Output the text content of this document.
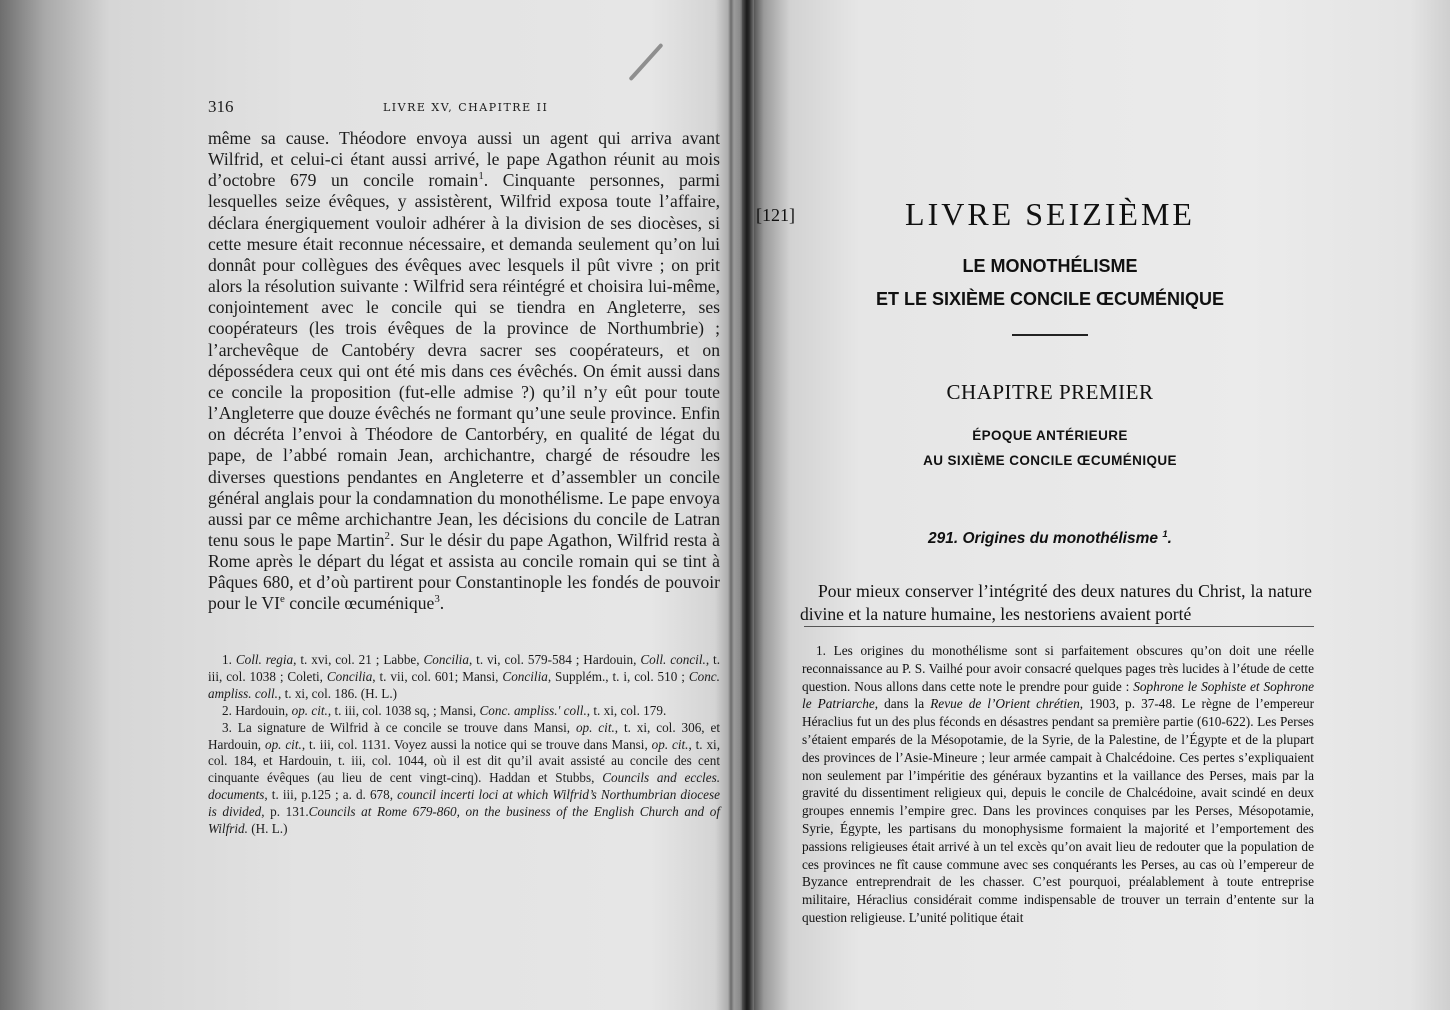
316	LIVRE XV, CHAPITRE II

même sa cause. Théodore envoya aussi un agent qui arriva avant Wilfrid, et celui-ci étant aussi arrivé, le pape Agathon réunit au mois d’octobre 679 un concile romain$^1$. Cinquante personnes, parmi lesquelles seize évêques, y assistèrent, Wilfrid exposa toute l’affaire, déclara énergiquement vouloir adhérer à la division de ses diocèses, si cette mesure était reconnue nécessaire, et demanda seulement qu’on lui donnât pour collègues des évêques avec lesquels il pût vivre ; on prit alors la résolution suivante : Wilfrid sera réintégré et choisira lui-même, conjointement avec le concile qui se tiendra en Angleterre, ses coopérateurs (les trois évêques de la province de Northumbrie) ; l’archevêque de Cantobéry devra sacrer ses coopérateurs, et on dépossédera ceux qui ont été mis dans ces évêchés. On émit aussi dans ce concile la proposition (fut-elle admise ?) qu’il n’y eût pour toute l’Angleterre que douze évêchés ne formant qu’une seule province. Enfin on décréta l’envoi à Théodore de Cantorbéry, en qualité de légat du pape, de l’abbé romain Jean, archichantre, chargé de résoudre les diverses questions pendantes en Angleterre et d’assembler un concile général anglais pour la condamnation du monothélisme. Le pape envoya aussi par ce même archichantre Jean, les décisions du concile de Latran tenu sous le pape Martin$^2$. Sur le désir du pape Agathon, Wilfrid resta à Rome après le départ du légat et assista au concile romain qui se tint à Pâques 680, et d’où partirent pour Constantinople les fondés de pouvoir pour le VIe concile œcuménique$^3$.

1. Coll. regia, t. xvi, col. 21 ; Labbe, Concilia, t. vi, col. 579-584 ; Hardouin, Coll. concil., t. iii, col. 1038 ; Coleti, Concilia, t. vii, col. 601; Mansi, Concilia, Supplém., t. i, col. 510 ; Conc. ampliss. coll., t. xi, col. 186. (H. L.)

2. Hardouin, op. cit., t. iii, col. 1038 sq, ; Mansi, Conc. ampliss.' coll., t. xi, col. 179.

3. La signature de Wilfrid à ce concile se trouve dans Mansi, op. cit., t. xi, col. 306, et Hardouin, op. cit., t. iii, col. 1131. Voyez aussi la notice qui se trouve dans Mansi, op. cit., t. xi, col. 184, et Hardouin, t. iii, col. 1044, où il est dit qu’il avait assisté au concile des cent cinquante évêques (au lieu de cent vingt-cinq). Haddan et Stubbs, Councils and eccles. documents, t. iii, p.125 ; a. d. 678, council incerti loci at which Wilfrid’s Northumbrian diocese is divided, p. 131.Councils at Rome 679-860, on the business of the English Church and of Wilfrid. (H. L.)

[121]	LIVRE SEIZIÈME
LE MONOTHÉLISME
ET LE SIXIÈME CONCILE ŒCUMÉNIQUE
CHAPITRE PREMIER
ÉPOQUE ANTÉRIEURE
AU SIXIÈME CONCILE ŒCUMÉNIQUE
291. Origines du monothélisme $^1$.

Pour mieux conserver l’intégrité des deux natures du Christ, la nature divine et la nature humaine, les nestoriens avaient porté

1. Les origines du monothélisme sont si parfaitement obscures qu’on doit une réelle reconnaissance au P. S. Vailhé pour avoir consacré quelques pages très lucides à l’étude de cette question. Nous allons dans cette note le prendre pour guide : Sophrone le Sophiste et Sophrone le Patriarche, dans la Revue de l’Orient chrétien, 1903, p. 37-48. Le règne de l’empereur Héraclius fut un des plus féconds en désastres pendant sa première partie (610-622). Les Perses s’étaient emparés de la Mésopotamie, de la Syrie, de la Palestine, de l’Égypte et de la plupart des provinces de l’Asie-Mineure ; leur armée campait à Chalcédoine. Ces pertes s’expliquaient non seulement par l’impéritie des généraux byzantins et la vaillance des Perses, mais par la gravité du dissentiment religieux qui, depuis le concile de Chalcédoine, avait scindé en deux groupes ennemis l’empire grec. Dans les provinces conquises par les Perses, Mésopotamie, Syrie, Égypte, les partisans du monophysisme formaient la majorité et l’emportement des passions religieuses était arrivé à un tel excès qu’on avait lieu de redouter que la population de ces provinces ne fît cause commune avec ses conquérants les Perses, au cas où l’empereur de Byzance entreprendrait de les chasser. C’est pourquoi, préalablement à toute entreprise militaire, Héraclius considérait comme indispensable de trouver un terrain d’entente sur la question religieuse. L’unité politique était
